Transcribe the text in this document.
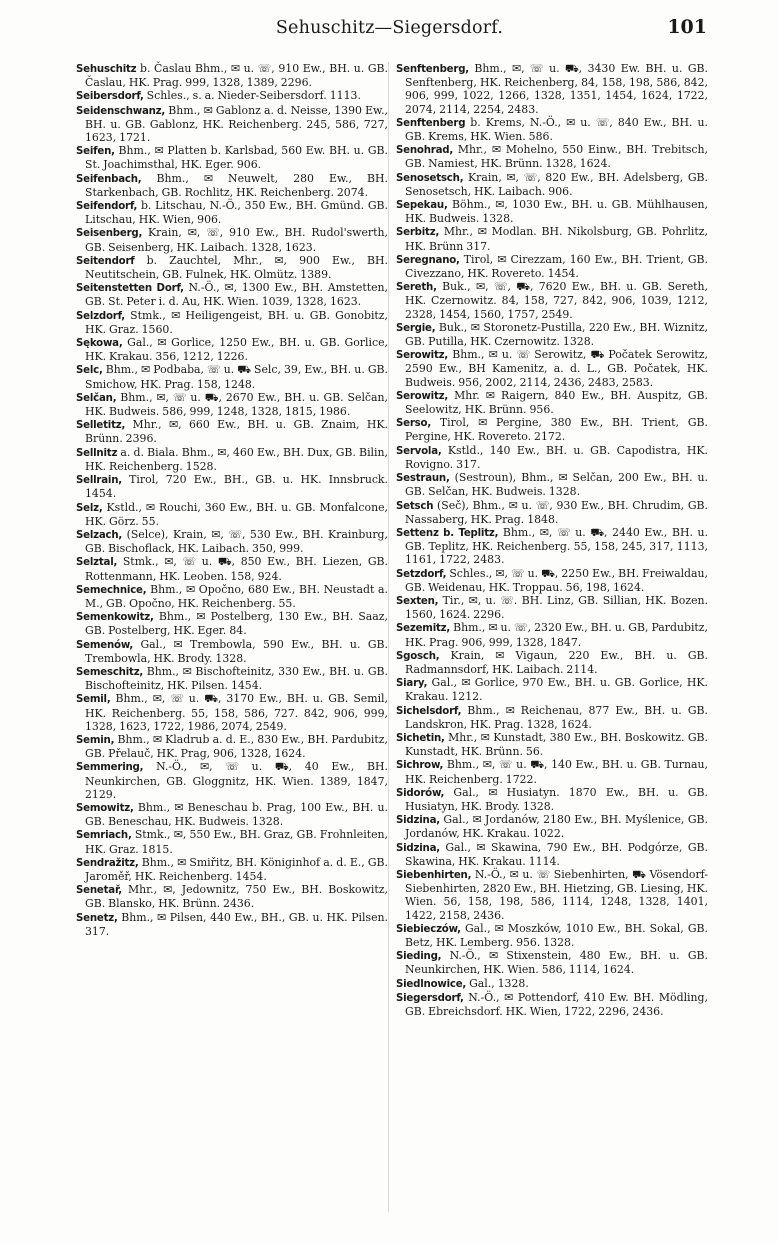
Sehuschitz—Siegersdorf.	101

Sehuschitz b. Časlau Bhm., ✉ u. ☏, 910 Ew., BH. u. GB. Časlau, HK. Prag. 999, 1328, 1389, 2296.

Seibersdorf, Schles., s. a. Nieder-Seibersdorf. 1113.

Seidenschwanz, Bhm., ✉ Gablonz a. d. Neisse, 1390 Ew., BH. u. GB. Gablonz, HK. Reichenberg. 245, 586, 727, 1623, 1721.

Seifen, Bhm., ✉ Platten b. Karlsbad, 560 Ew. BH. u. GB. St. Joachimsthal, HK. Eger. 906.

Seifenbach, Bhm., ✉ Neuwelt, 280 Ew., BH. Starkenbach, GB. Rochlitz, HK. Reichenberg. 2074.

Seifendorf, b. Litschau, N.-Ö., 350 Ew., BH. Gmünd. GB. Litschau, HK. Wien, 906.

Seisenberg, Krain, ✉, ☏, 910 Ew., BH. Rudol'swerth, GB. Seisenberg, HK. Laibach. 1328, 1623.

Seitendorf b. Zauchtel, Mhr., ✉, 900 Ew., BH. Neutitschein, GB. Fulnek, HK. Olmütz. 1389.

Seitenstetten Dorf, N.-Ö., ✉, 1300 Ew., BH. Amstetten, GB. St. Peter i. d. Au, HK. Wien. 1039, 1328, 1623.

Selzdorf, Stmk., ✉ Heiligengeist, BH. u. GB. Gonobitz, HK. Graz. 1560.

Sękowa, Gal., ✉ Gorlice, 1250 Ew., BH. u. GB. Gorlice, HK. Krakau. 356, 1212, 1226.

Selc, Bhm., ✉ Podbaba, ☏ u. ⛟ Selc, 39, Ew., BH. u. GB. Smichow, HK. Prag. 158, 1248.

Selčan, Bhm., ✉, ☏ u. ⛟, 2670 Ew., BH. u. GB. Selčan, HK. Budweis. 586, 999, 1248, 1328, 1815, 1986.

Selletitz, Mhr., ✉, 660 Ew., BH. u. GB. Znaim, HK. Brünn. 2396.

Sellnitz a. d. Biala. Bhm., ✉, 460 Ew., BH. Dux, GB. Bilin, HK. Reichenberg. 1528.

Sellrain, Tirol, 720 Ew., BH., GB. u. HK. Innsbruck. 1454.

Selz, Kstld., ✉ Rouchi, 360 Ew., BH. u. GB. Monfalcone, HK. Görz. 55.

Selzach, (Selce), Krain, ✉, ☏, 530 Ew., BH. Krainburg, GB. Bischoflack, HK. Laibach. 350, 999.

Selztal, Stmk., ✉, ☏ u. ⛟, 850 Ew., BH. Liezen, GB. Rottenmann, HK. Leoben. 158, 924.

Semechnice, Bhm., ✉ Opočno, 680 Ew., BH. Neustadt a. M., GB. Opočno, HK. Reichenberg. 55.

Semenkowitz, Bhm., ✉ Postelberg, 130 Ew., BH. Saaz, GB. Postelberg, HK. Eger. 84.

Semenów, Gal., ✉ Trembowla, 590 Ew., BH. u. GB. Trembowla, HK. Brody. 1328.

Semeschitz, Bhm., ✉ Bischofteinitz, 330 Ew., BH. u. GB. Bischofteinitz, HK. Pilsen. 1454.

Semil, Bhm., ✉, ☏ u. ⛟, 3170 Ew., BH. u. GB. Semil, HK. Reichenberg. 55, 158, 586, 727. 842, 906, 999, 1328, 1623, 1722, 1986, 2074, 2549.

Semin, Bhm., ✉ Kladrub a. d. E., 830 Ew., BH. Pardubitz, GB. Přelauč, HK. Prag, 906, 1328, 1624.

Semmering, N.-Ö., ✉, ☏ u. ⛟, 40 Ew., BH. Neunkirchen, GB. Gloggnitz, HK. Wien. 1389, 1847, 2129.

Semowitz, Bhm., ✉ Beneschau b. Prag, 100 Ew., BH. u. GB. Beneschau, HK. Budweis. 1328.

Semriach, Stmk., ✉, 550 Ew., BH. Graz, GB. Frohnleiten, HK. Graz. 1815.

Sendražitz, Bhm., ✉ Smiřitz, BH. Königinhof a. d. E., GB. Jaroměř, HK. Reichenberg. 1454.

Senetař, Mhr., ✉, Jedownitz, 750 Ew., BH. Boskowitz, GB. Blansko, HK. Brünn. 2436.

Senetz, Bhm., ✉ Pilsen, 440 Ew., BH., GB. u. HK. Pilsen. 317.

Senftenberg, Bhm., ✉, ☏ u. ⛟, 3430 Ew. BH. u. GB. Senftenberg, HK. Reichenberg, 84, 158, 198, 586, 842, 906, 999, 1022, 1266, 1328, 1351, 1454, 1624, 1722, 2074, 2114, 2254, 2483.

Senftenberg b. Krems, N.-Ö., ✉ u. ☏, 840 Ew., BH. u. GB. Krems, HK. Wien. 586.

Senohrad, Mhr., ✉ Mohelno, 550 Einw., BH. Trebitsch, GB. Namiest, HK. Brünn. 1328, 1624.

Senosetsch, Krain, ✉, ☏, 820 Ew., BH. Adelsberg, GB. Senosetsch, HK. Laibach. 906.

Sepekau, Böhm., ✉, 1030 Ew., BH. u. GB. Mühlhausen, HK. Budweis. 1328.

Serbitz, Mhr., ✉ Modlan. BH. Nikolsburg, GB. Pohrlitz, HK. Brünn 317.

Seregnano, Tirol, ✉ Cirezzam, 160 Ew., BH. Trient, GB. Civezzano, HK. Rovereto. 1454.

Sereth, Buk., ✉, ☏, ⛟, 7620 Ew., BH. u. GB. Sereth, HK. Czernowitz. 84, 158, 727, 842, 906, 1039, 1212, 2328, 1454, 1560, 1757, 2549.

Sergie, Buk., ✉ Storonetz-Pustilla, 220 Ew., BH. Wiznitz, GB. Putilla, HK. Czernowitz. 1328.

Serowitz, Bhm., ✉ u. ☏ Serowitz, ⛟ Počatek Serowitz, 2590 Ew., BH Kamenitz, a. d. L., GB. Počatek, HK. Budweis. 956, 2002, 2114, 2436, 2483, 2583.

Serowitz, Mhr. ✉ Raigern, 840 Ew., BH. Auspitz, GB. Seelowitz, HK. Brünn. 956.

Serso, Tirol, ✉ Pergine, 380 Ew., BH. Trient, GB. Pergine, HK. Rovereto. 2172.

Servola, Kstld., 140 Ew., BH. u. GB. Capodistra, HK. Rovigno. 317.

Sestraun, (Sestroun), Bhm., ✉ Selčan, 200 Ew., BH. u. GB. Selčan, HK. Budweis. 1328.

Setsch (Seč), Bhm., ✉ u. ☏, 930 Ew., BH. Chrudim, GB. Nassaberg, HK. Prag. 1848.

Settenz b. Teplitz, Bhm., ✉, ☏ u. ⛟, 2440 Ew., BH. u. GB. Teplitz, HK. Reichenberg. 55, 158, 245, 317, 1113, 1161, 1722, 2483.

Setzdorf, Schles., ✉, ☏ u. ⛟, 2250 Ew., BH. Freiwaldau, GB. Weidenau, HK. Troppau. 56, 198, 1624.

Sexten, Tir., ✉, u. ☏. BH. Linz, GB. Sillian, HK. Bozen. 1560, 1624. 2296.

Sezemitz, Bhm., ✉ u. ☏, 2320 Ew., BH. u. GB, Pardubitz, HK. Prag. 906, 999, 1328, 1847.

Sgosch, Krain, ✉ Vigaun, 220 Ew., BH. u. GB. Radmannsdorf, HK. Laibach. 2114.

Siary, Gal., ✉ Gorlice, 970 Ew., BH. u. GB. Gorlice, HK. Krakau. 1212.

Sichelsdorf, Bhm., ✉ Reichenau, 877 Ew., BH. u. GB. Landskron, HK. Prag. 1328, 1624.

Sichetin, Mhr., ✉ Kunstadt, 380 Ew., BH. Boskowitz. GB. Kunstadt, HK. Brünn. 56.

Sichrow, Bhm., ✉, ☏ u. ⛟, 140 Ew., BH. u. GB. Turnau, HK. Reichenberg. 1722.

Sidorów, Gal., ✉ Husiatyn. 1870 Ew., BH. u. GB. Husiatyn, HK. Brody. 1328.

Sidzina, Gal., ✉ Jordanów, 2180 Ew., BH. Myślenice, GB. Jordanów, HK. Krakau. 1022.

Sidzina, Gal., ✉ Skawina, 790 Ew., BH. Podgórze, GB. Skawina, HK. Krakau. 1114.

Siebenhirten, N.-Ö., ✉ u. ☏ Siebenhirten, ⛟ Vösendorf-Siebenhirten, 2820 Ew., BH. Hietzing, GB. Liesing, HK. Wien. 56, 158, 198, 586, 1114, 1248, 1328, 1401, 1422, 2158, 2436.

Siebieczów, Gal., ✉ Moszków, 1010 Ew., BH. Sokal, GB. Betz, HK. Lemberg. 956. 1328.

Sieding, N.-Ö., ✉ Stixenstein, 480 Ew., BH. u. GB. Neunkirchen, HK. Wien. 586, 1114, 1624.

Siedlnowice, Gal., 1328.

Siegersdorf, N.-Ö., ✉ Pottendorf, 410 Ew. BH. Mödling, GB. Ebreichsdorf. HK. Wien, 1722, 2296, 2436.
